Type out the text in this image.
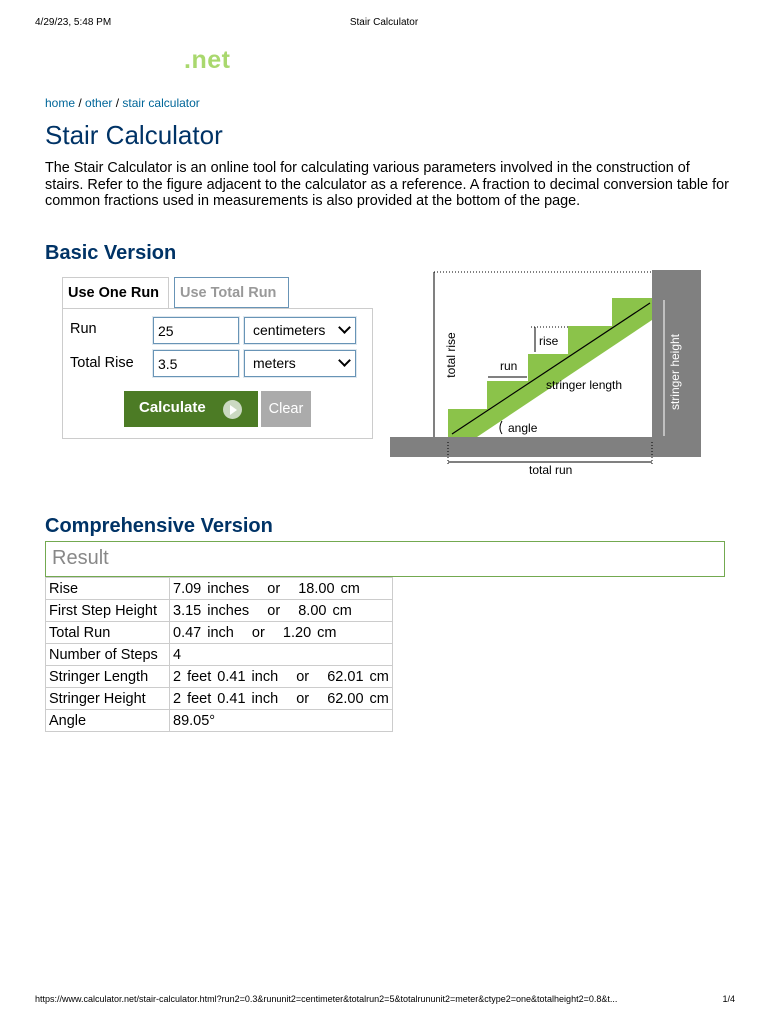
4/29/23, 5:48 PM	Stair Calculator
.net
home / other / stair calculator
Stair Calculator

The Stair Calculator is an online tool for calculating various parameters involved in the construction of stairs. Refer to the figure adjacent to the calculator as a reference. A fraction to decimal conversion table for common fractions used in measurements is also provided at the bottom of the page.

Basic Version
Use One Run	Use Total Run
Run
25	centimeters
Total Rise
3.5	meters
Calculate	Clear
total rise	rise
run
stringer length
angle
total run
stringer height
Comprehensive Version
Result
Rise	7.09 inches   or   18.00 cm
First Step Height	3.15 inches   or   8.00 cm
Total Run	0.47 inch   or   1.20 cm
Number of Steps	4
Stringer Length	2 feet 0.41 inch   or   62.01 cm
Stringer Height	2 feet 0.41 inch   or   62.00 cm
Angle	89.05°
https://www.calculator.net/stair-calculator.html?run2=0.3&rununit2=centimeter&totalrun2=5&totalrununit2=meter&ctype2=one&totalheight2=0.8&t...	1/4
